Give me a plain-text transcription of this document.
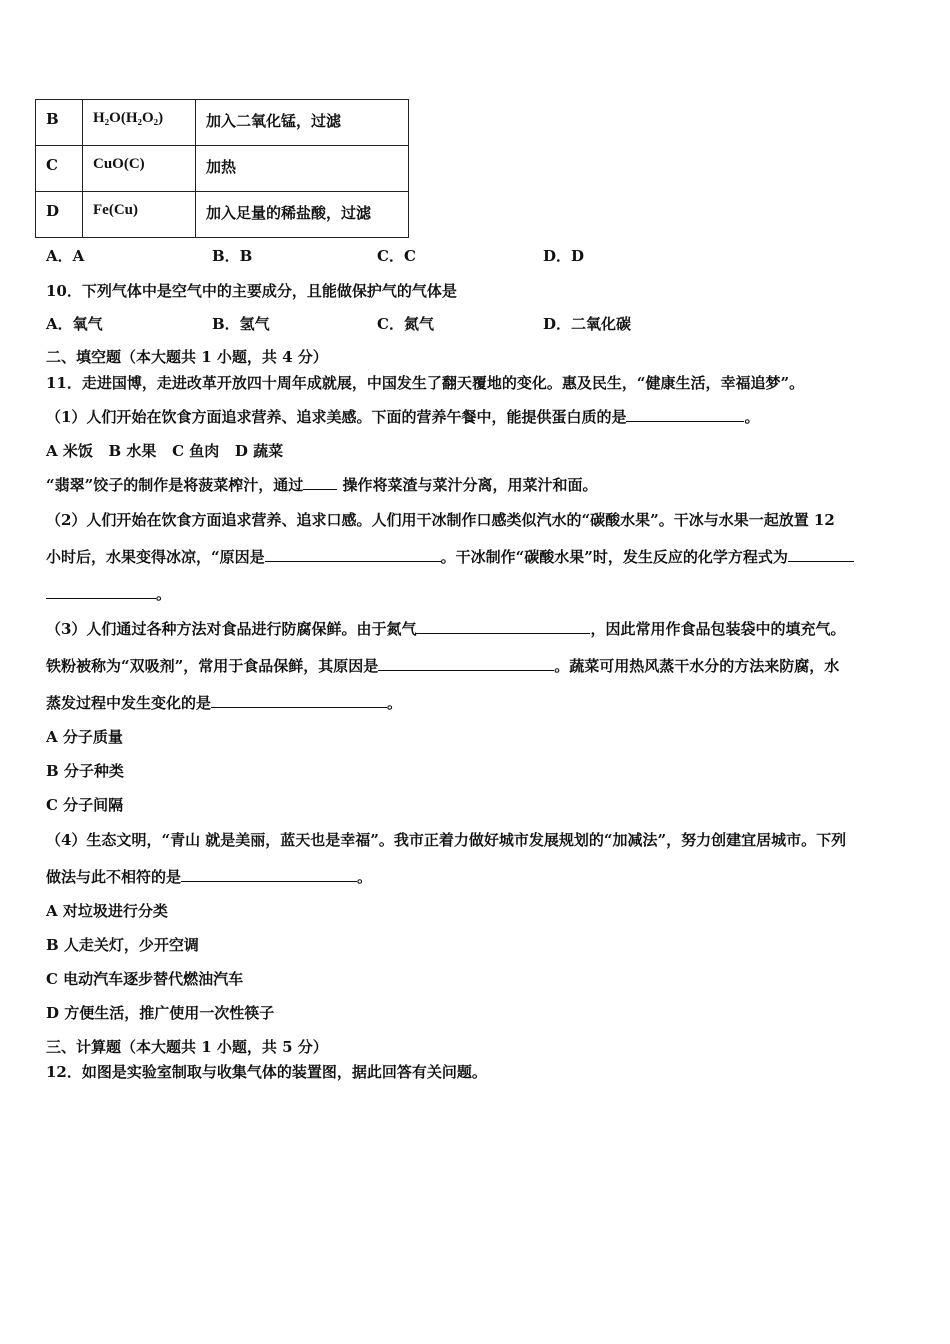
B	H₂O(H₂O₂)	加入二氧化锰，过滤
C	CuO(C)	加热
D	Fe(Cu)	加入足量的稀盐酸，过滤
A．A	B．B	C．C	D．D
10．下列气体中是空气中的主要成分，且能做保护气的气体是
A．氧气	B．氢气	C．氮气	D．二氧化碳
二、填空题（本大题共 1 小题，共 4 分）
11．走进国博，走进改革开放四十周年成就展，中国发生了翻天覆地的变化。惠及民生，“健康生活，幸福追梦”。
（1）人们开始在饮食方面追求营养、追求美感。下面的营养午餐中，能提供蛋白质的是	。
A 米饭   B 水果   C 鱼肉   D 蔬菜
“翡翠”饺子的制作是将菠菜榨汁，通过	操作将菜渣与菜汁分离，用菜汁和面。
（2）人们开始在饮食方面追求营养、追求口感。人们用干冰制作口感类似汽水的“碳酸水果”。干冰与水果一起放置 12
小时后，水果变得冰凉，“原因是	。干冰制作“碳酸水果”时，发生反应的化学方程式为
。
（3）人们通过各种方法对食品进行防腐保鲜。由于氮气	，因此常用作食品包装袋中的填充气。
铁粉被称为“双吸剂”，常用于食品保鲜，其原因是	。蔬菜可用热风蒸干水分的方法来防腐，水
蒸发过程中发生变化的是	。
A 分子质量
B 分子种类
C 分子间隔
（4）生态文明，“青山 就是美丽，蓝天也是幸福”。我市正着力做好城市发展规划的“加减法”，努力创建宜居城市。下列
做法与此不相符的是	。
A 对垃圾进行分类
B 人走关灯，少开空调
C 电动汽车逐步替代燃油汽车
D 方便生活，推广使用一次性筷子
三、计算题（本大题共 1 小题，共 5 分）
12．如图是实验室制取与收集气体的装置图，据此回答有关问题。
